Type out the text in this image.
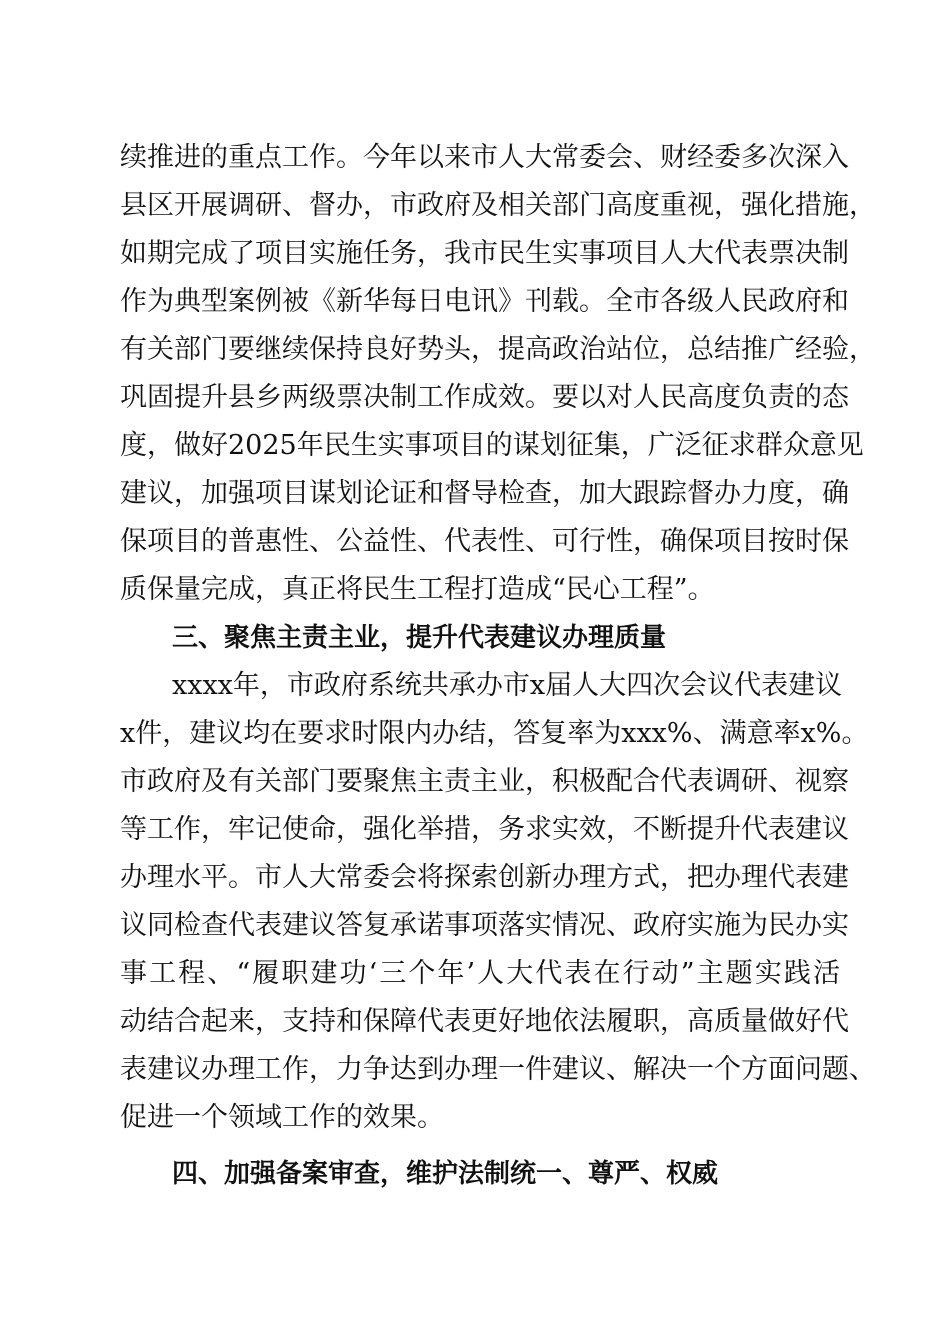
续推进的重点工作。今年以来市人大常委会、财经委多次深入
县区开展调研、督办，市政府及相关部门高度重视，强化措施，
如期完成了项目实施任务，我市民生实事项目人大代表票决制
作为典型案例被《新华每日电讯》刊载。全市各级人民政府和
有关部门要继续保持良好势头，提高政治站位，总结推广经验，
巩固提升县乡两级票决制工作成效。要以对人民高度负责的态
度，做好2025年民生实事项目的谋划征集，广泛征求群众意见
建议，加强项目谋划论证和督导检查，加大跟踪督办力度，确
保项目的普惠性、公益性、代表性、可行性，确保项目按时保
质保量完成，真正将民生工程打造成“民心工程”。
三、聚焦主责主业，提升代表建议办理质量
xxxx年，市政府系统共承办市x届人大四次会议代表建议
x件，建议均在要求时限内办结，答复率为xxx%、满意率x%。
市政府及有关部门要聚焦主责主业，积极配合代表调研、视察
等工作，牢记使命，强化举措，务求实效，不断提升代表建议
办理水平。市人大常委会将探索创新办理方式，把办理代表建
议同检查代表建议答复承诺事项落实情况、政府实施为民办实
事工程、“履职建功‘三个年’人大代表在行动”主题实践活
动结合起来，支持和保障代表更好地依法履职，高质量做好代
表建议办理工作，力争达到办理一件建议、解决一个方面问题、
促进一个领域工作的效果。
四、加强备案审查，维护法制统一、尊严、权威
